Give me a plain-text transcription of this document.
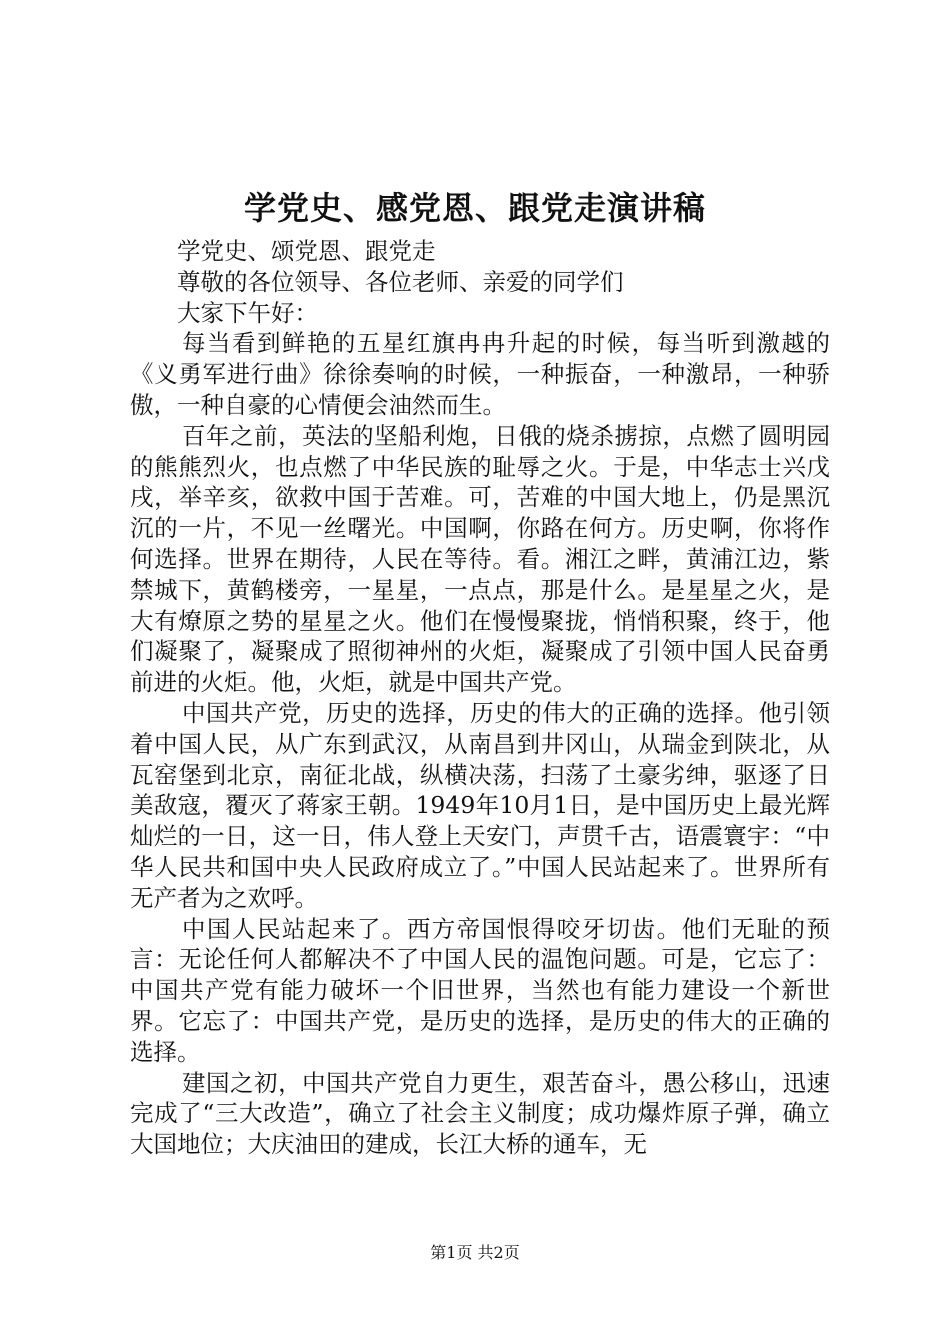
学党史、感党恩、跟党走演讲稿

学党史、颂党恩、跟党走

尊敬的各位领导、各位老师、亲爱的同学们

大家下午好：

每当看到鲜艳的五星红旗冉冉升起的时候，每当听到激越的《义勇军进行曲》徐徐奏响的时候，一种振奋，一种激昂，一种骄傲，一种自豪的心情便会油然而生。

百年之前，英法的坚船利炮，日俄的烧杀掳掠，点燃了圆明园的熊熊烈火，也点燃了中华民族的耻辱之火。于是，中华志士兴戊戌，举辛亥，欲救中国于苦难。可，苦难的中国大地上，仍是黑沉沉的一片，不见一丝曙光。中国啊，你路在何方。历史啊，你将作何选择。世界在期待，人民在等待。看。湘江之畔，黄浦江边，紫禁城下，黄鹤楼旁，一星星，一点点，那是什么。是星星之火，是大有燎原之势的星星之火。他们在慢慢聚拢，悄悄积聚，终于，他们凝聚了，凝聚成了照彻神州的火炬，凝聚成了引领中国人民奋勇前进的火炬。他，火炬，就是中国共产党。

中国共产党，历史的选择，历史的伟大的正确的选择。他引领着中国人民，从广东到武汉，从南昌到井冈山，从瑞金到陕北，从瓦窑堡到北京，南征北战，纵横决荡，扫荡了土豪劣绅，驱逐了日美敌寇，覆灭了蒋家王朝。1949年10月1日，是中国历史上最光辉灿烂的一日，这一日，伟人登上天安门，声贯千古，语震寰宇：“中华人民共和国中央人民政府成立了。”中国人民站起来了。世界所有无产者为之欢呼。

中国人民站起来了。西方帝国恨得咬牙切齿。他们无耻的预言：无论任何人都解决不了中国人民的温饱问题。可是，它忘了：中国共产党有能力破坏一个旧世界，当然也有能力建设一个新世界。它忘了：中国共产党，是历史的选择，是历史的伟大的正确的选择。

建国之初，中国共产党自力更生，艰苦奋斗，愚公移山，迅速完成了“三大改造”，确立了社会主义制度；成功爆炸原子弹，确立大国地位；大庆油田的建成，长江大桥的通车，无

第1页 共2页
